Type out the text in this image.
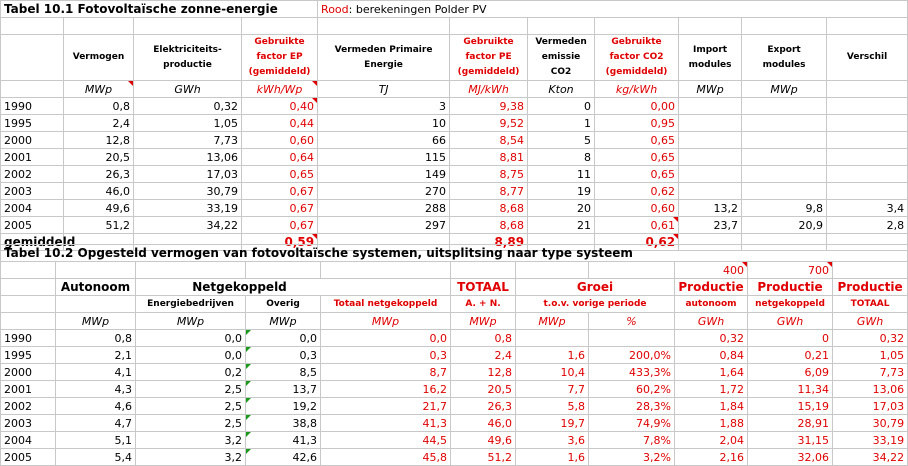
Tabel 10.1 Fotovoltaïsche zonne-energie				Rood: berekeningen Polder PV						

	Vermogen	Elektriciteits- productie	Gebruikte factor EP (gemiddeld)	Vermeden Primaire Energie	Gebruikte factor PE (gemiddeld)	Vermeden emissie CO2	Gebruikte factor CO2 (gemiddeld)	Import modules	Export modules	Verschil
	MWp	GWh	kWh/Wp	TJ	MJ/kWh	Kton	kg/kWh	MWp	MWp	
1990	0,8	0,32	0,40	3	9,38	0	0,00			
1995	2,4	1,05	0,44	10	9,52	1	0,95			
2000	12,8	7,73	0,60	66	8,54	5	0,65			
2001	20,5	13,06	0,64	115	8,81	8	0,65			
2002	26,3	17,03	0,65	149	8,75	11	0,65			
2003	46,0	30,79	0,67	270	8,77	19	0,62			
2004	49,6	33,19	0,67	288	8,68	20	0,60	13,2	9,8	3,4
2005	51,2	34,22	0,67	297	8,68	21	0,61	23,7	20,9	2,8
gemiddeld			0,59		8,89		0,62			
Tabel 10.2 Opgesteld vermogen van fotovoltaïsche systemen, uitsplitsing naar type systeem										
								400	700	
	Autonoom	Netgekoppeld			TOTAAL	Groei		Productie	Productie	Productie
		Energiebedrijven	Overig	Totaal netgekoppeld	A. + N.	t.o.v. vorige periode		autonoom	netgekoppeld	TOTAAL
	MWp	MWp	MWp	MWp	MWp	MWp	%	GWh	GWh	GWh
1990	0,8	0,0	0,0	0,0	0,8			0,32	0	0,32
1995	2,1	0,0	0,3	0,3	2,4	1,6	200,0%	0,84	0,21	1,05
2000	4,1	0,2	8,5	8,7	12,8	10,4	433,3%	1,64	6,09	7,73
2001	4,3	2,5	13,7	16,2	20,5	7,7	60,2%	1,72	11,34	13,06
2002	4,6	2,5	19,2	21,7	26,3	5,8	28,3%	1,84	15,19	17,03
2003	4,7	2,5	38,8	41,3	46,0	19,7	74,9%	1,88	28,91	30,79
2004	5,1	3,2	41,3	44,5	49,6	3,6	7,8%	2,04	31,15	33,19
2005	5,4	3,2	42,6	45,8	51,2	1,6	3,2%	2,16	32,06	34,22
